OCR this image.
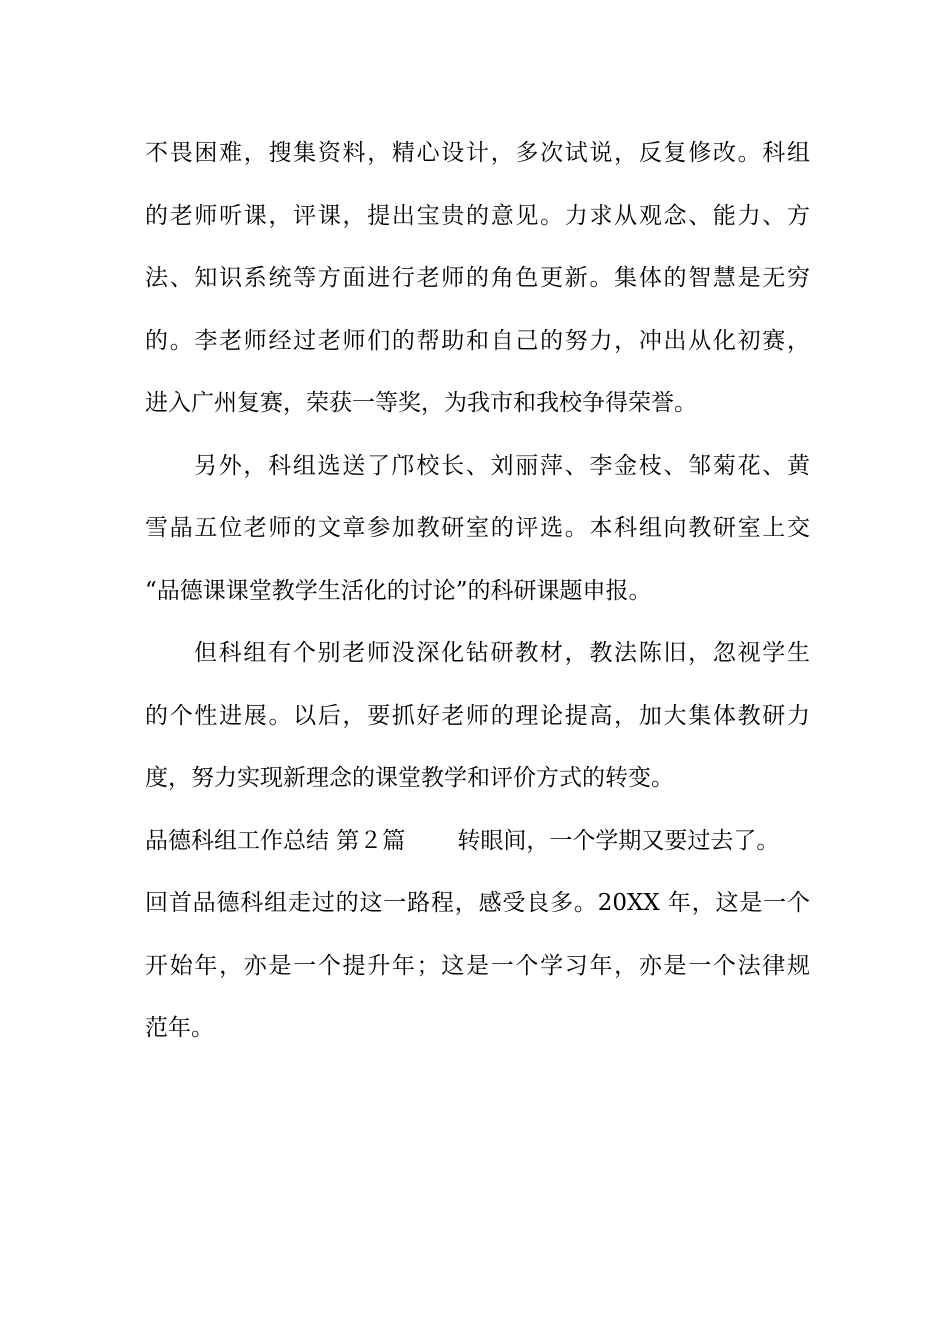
不畏困难，搜集资料，精心设计，多次试说，反复修改。科组
的老师听课，评课，提出宝贵的意见。力求从观念、能力、方
法、知识系统等方面进行老师的角色更新。集体的智慧是无穷
的。李老师经过老师们的帮助和自己的努力，冲出从化初赛，
进入广州复赛，荣获一等奖，为我市和我校争得荣誉。
另外，科组选送了邝校长、刘丽萍、李金枝、邹菊花、黄
雪晶五位老师的文章参加教研室的评选。本科组向教研室上交
“品德课课堂教学生活化的讨论”的科研课题申报。
但科组有个别老师没深化钻研教材，教法陈旧，忽视学生
的个性进展。以后，要抓好老师的理论提高，加大集体教研力
度，努力实现新理念的课堂教学和评价方式的转变。
品德科组工作总结 第２篇 转眼间，一个学期又要过去了。
回首品德科组走过的这一路程，感受良多。20XX 年，这是一个
开始年，亦是一个提升年；这是一个学习年，亦是一个法律规
范年。
